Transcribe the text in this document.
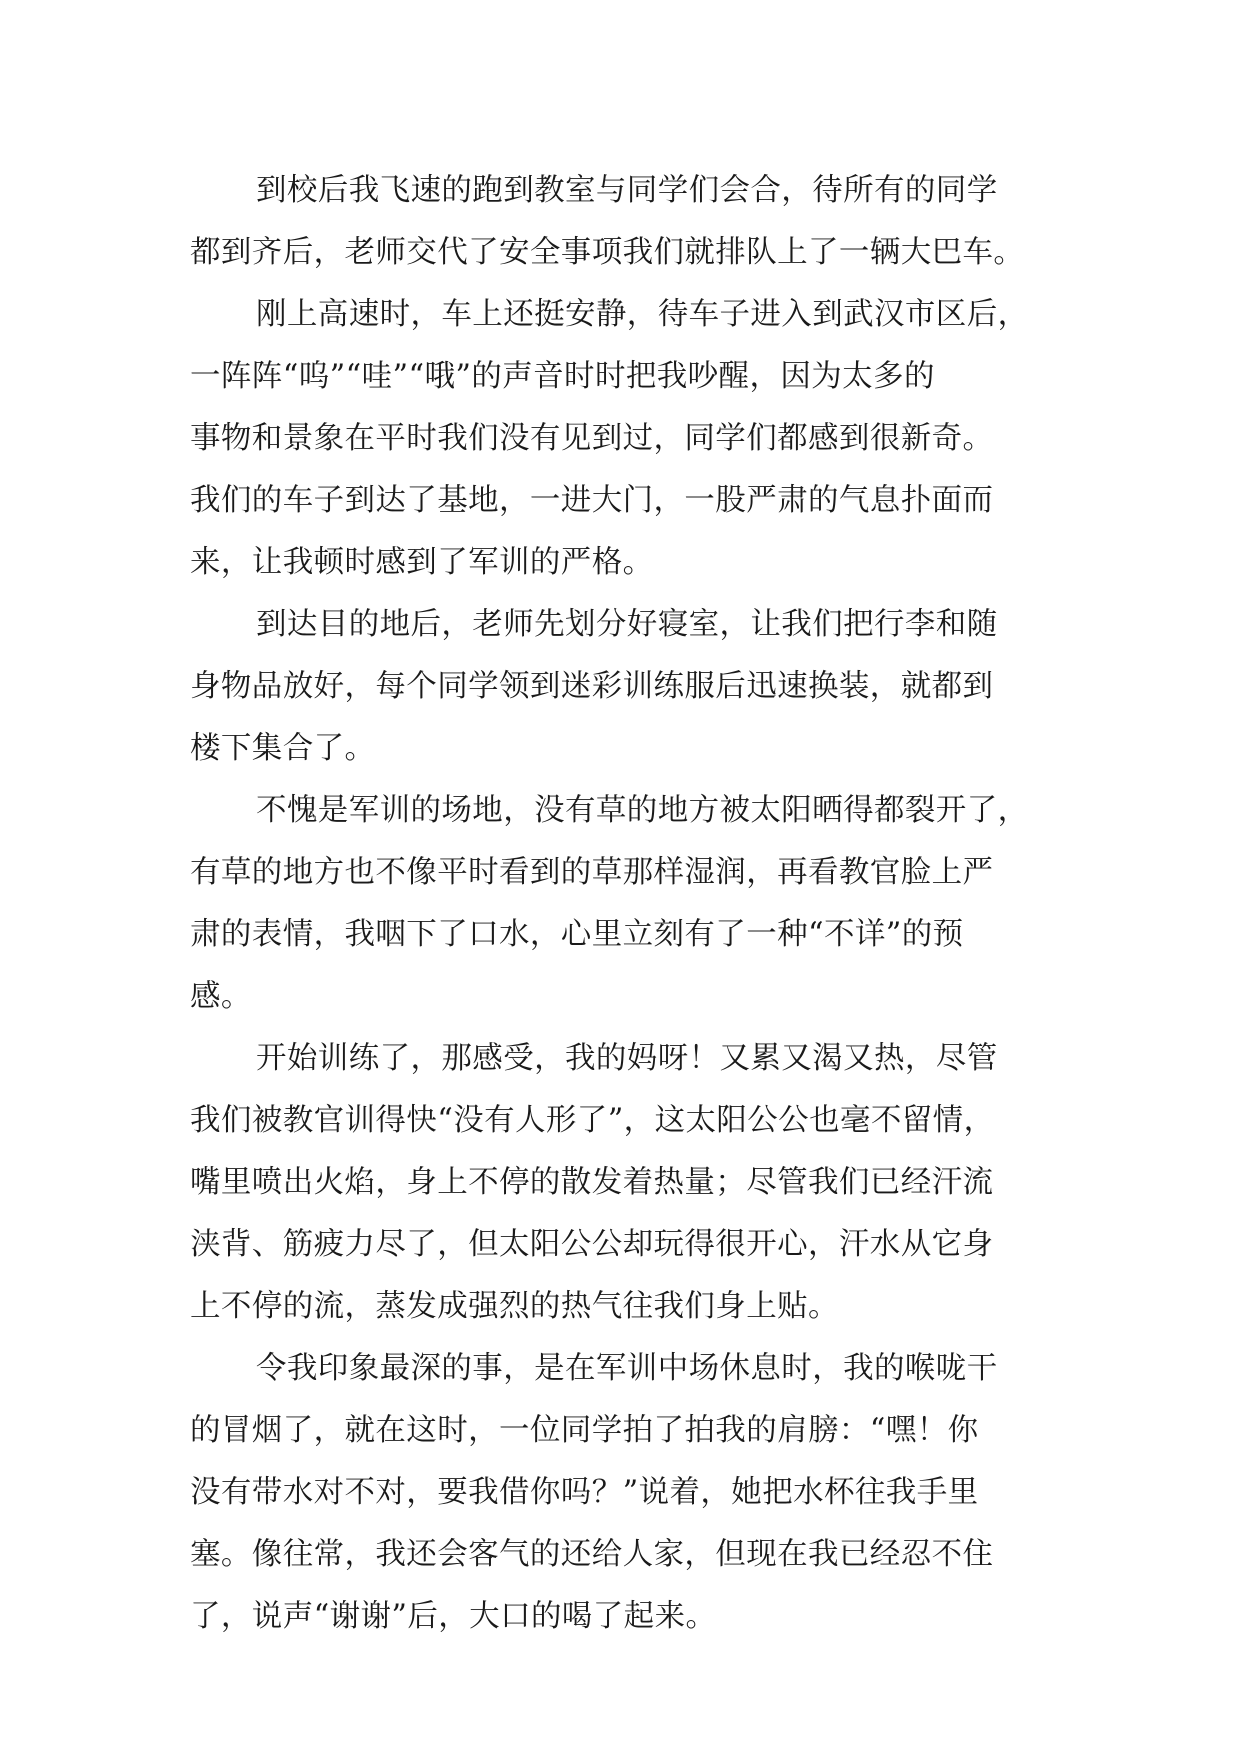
到校后我飞速的跑到教室与同学们会合，待所有的同学
都到齐后，老师交代了安全事项我们就排队上了一辆大巴车。
刚上高速时，车上还挺安静，待车子进入到武汉市区后，
一阵阵“呜”“哇”“哦”的声音时时把我吵醒，因为太多的
事物和景象在平时我们没有见到过，同学们都感到很新奇。
我们的车子到达了基地，一进大门，一股严肃的气息扑面而
来，让我顿时感到了军训的严格。
到达目的地后，老师先划分好寝室，让我们把行李和随
身物品放好，每个同学领到迷彩训练服后迅速换装，就都到
楼下集合了。
不愧是军训的场地，没有草的地方被太阳晒得都裂开了，
有草的地方也不像平时看到的草那样湿润，再看教官脸上严
肃的表情，我咽下了口水，心里立刻有了一种“不详”的预
感。
开始训练了，那感受，我的妈呀！又累又渴又热，尽管
我们被教官训得快“没有人形了”，这太阳公公也毫不留情，
嘴里喷出火焰，身上不停的散发着热量；尽管我们已经汗流
浃背、筋疲力尽了，但太阳公公却玩得很开心，汗水从它身
上不停的流，蒸发成强烈的热气往我们身上贴。
令我印象最深的事，是在军训中场休息时，我的喉咙干
的冒烟了，就在这时，一位同学拍了拍我的肩膀：“嘿！你
没有带水对不对，要我借你吗？”说着，她把水杯往我手里
塞。像往常，我还会客气的还给人家，但现在我已经忍不住
了，说声“谢谢”后，大口的喝了起来。
